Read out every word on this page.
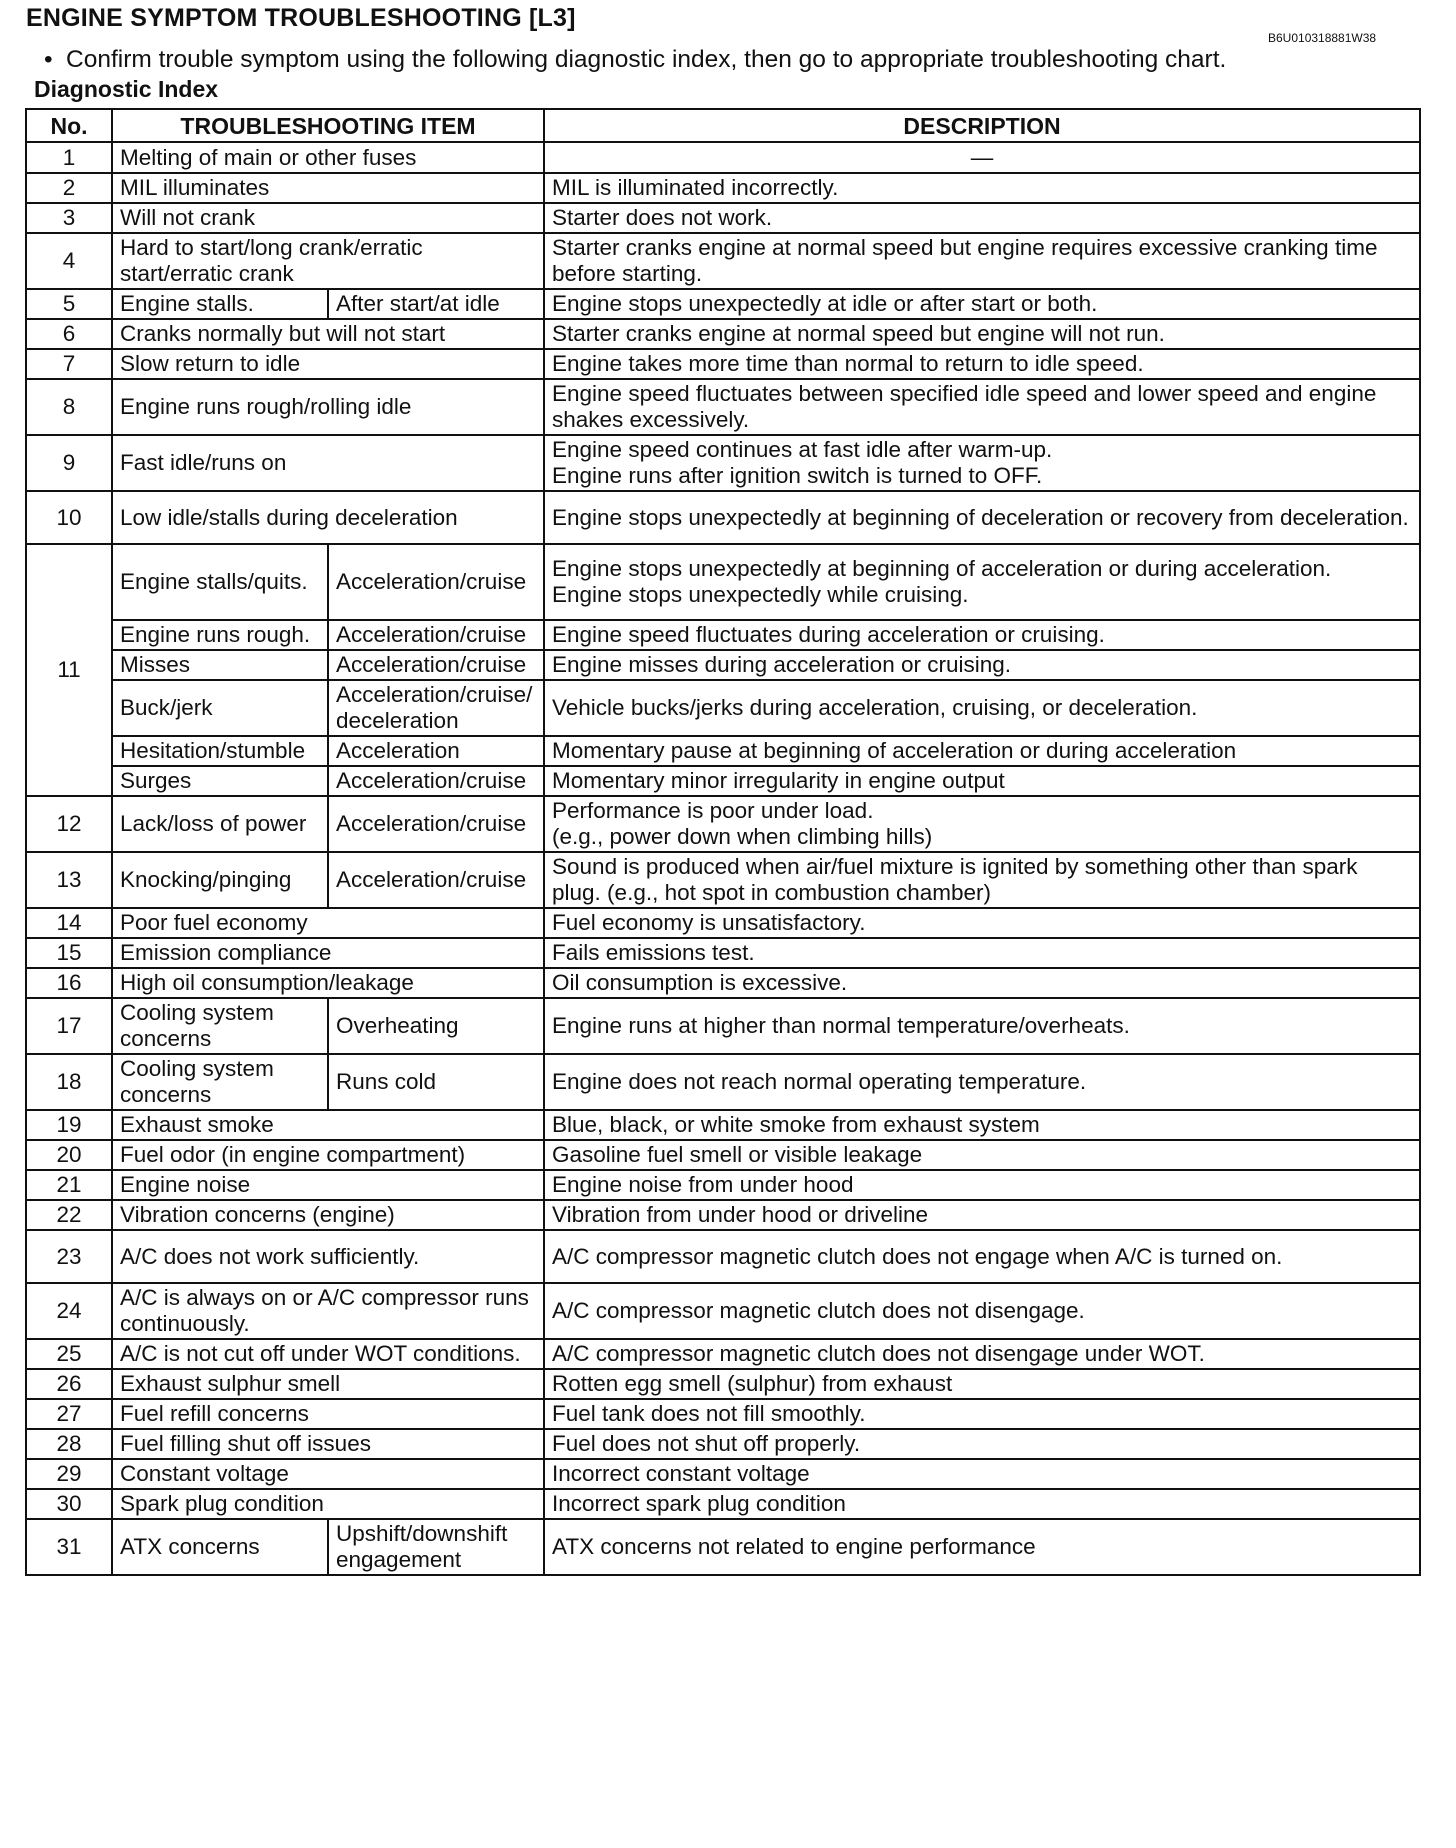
ENGINE SYMPTOM TROUBLESHOOTING [L3]
B6U010318881W38
• Confirm trouble symptom using the following diagnostic index, then go to appropriate troubleshooting chart.
Diagnostic Index
No.	TROUBLESHOOTING ITEM		DESCRIPTION
1	Melting of main or other fuses		—
2	MIL illuminates		MIL is illuminated incorrectly.
3	Will not crank		Starter does not work.
4	Hard to start/long crank/erratic start/erratic crank		Starter cranks engine at normal speed but engine requires excessive cranking time before starting.
5	Engine stalls.	After start/at idle	Engine stops unexpectedly at idle or after start or both.
6	Cranks normally but will not start		Starter cranks engine at normal speed but engine will not run.
7	Slow return to idle		Engine takes more time than normal to return to idle speed.
8	Engine runs rough/rolling idle		Engine speed fluctuates between specified idle speed and lower speed and engine shakes excessively.
9	Fast idle/runs on		Engine speed continues at fast idle after warm-up.
Engine runs after ignition switch is turned to OFF.

10	Low idle/stalls during deceleration		Engine stops unexpectedly at beginning of deceleration or recovery from deceleration.
11	Engine stalls/quits.	Acceleration/cruise	Engine stops unexpectedly at beginning of acceleration or during acceleration.
Engine stops unexpectedly while cruising.

	Engine runs rough.	Acceleration/cruise	Engine speed fluctuates during acceleration or cruising.
	Misses	Acceleration/cruise	Engine misses during acceleration or cruising.
	Buck/jerk	Acceleration/cruise/ deceleration	Vehicle bucks/jerks during acceleration, cruising, or deceleration.
	Hesitation/stumble	Acceleration	Momentary pause at beginning of acceleration or during acceleration
	Surges	Acceleration/cruise	Momentary minor irregularity in engine output
12	Lack/loss of power	Acceleration/cruise	Performance is poor under load.
(e.g., power down when climbing hills)

13	Knocking/pinging	Acceleration/cruise	Sound is produced when air/fuel mixture is ignited by something other than spark plug. (e.g., hot spot in combustion chamber)
14	Poor fuel economy		Fuel economy is unsatisfactory.
15	Emission compliance		Fails emissions test.
16	High oil consumption/leakage		Oil consumption is excessive.
17	Cooling system concerns	Overheating	Engine runs at higher than normal temperature/overheats.
18	Cooling system concerns	Runs cold	Engine does not reach normal operating temperature.
19	Exhaust smoke		Blue, black, or white smoke from exhaust system
20	Fuel odor (in engine compartment)		Gasoline fuel smell or visible leakage
21	Engine noise		Engine noise from under hood
22	Vibration concerns (engine)		Vibration from under hood or driveline
23	A/C does not work sufficiently.		A/C compressor magnetic clutch does not engage when A/C is turned on.
24	A/C is always on or A/C compressor runs continuously.		A/C compressor magnetic clutch does not disengage.
25	A/C is not cut off under WOT conditions.		A/C compressor magnetic clutch does not disengage under WOT.
26	Exhaust sulphur smell		Rotten egg smell (sulphur) from exhaust
27	Fuel refill concerns		Fuel tank does not fill smoothly.
28	Fuel filling shut off issues		Fuel does not shut off properly.
29	Constant voltage		Incorrect constant voltage
30	Spark plug condition		Incorrect spark plug condition
31	ATX concerns	Upshift/downshift engagement	ATX concerns not related to engine performance
